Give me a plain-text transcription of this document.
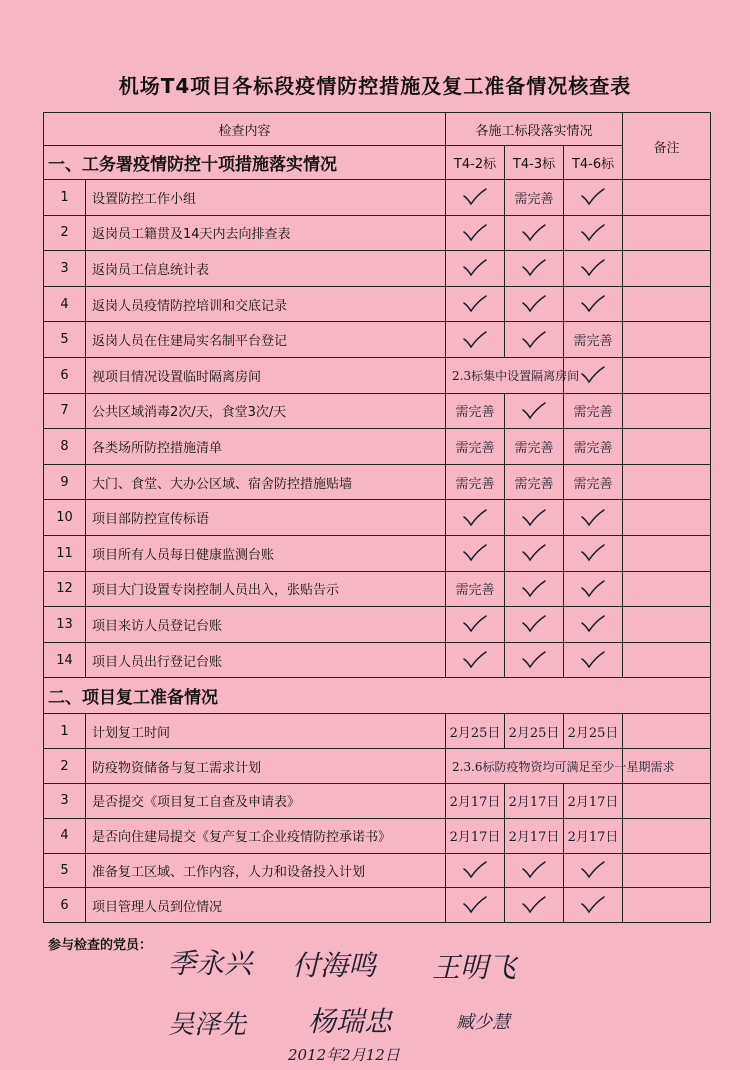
机场T4项目各标段疫情防控措施及复工准备情况核查表
检查内容		各施工标段落实情况			备注
一、工务署疫情防控十项措施落实情况		T4-2标	T4-3标	T4-6标	
1	设置防控工作小组		需完善	

2	返岗员工籍贯及14天内去向排查表	

3	返岗员工信息统计表	

4	返岗人员疫情防控培训和交底记录	

5	返岗人员在住建局实名制平台登记			需完善	
6	视项目情况设置临时隔离房间	2.3标集中设置隔离房间	

7	公共区域消毒2次/天，食堂3次/天	需完善		需完善	
8	各类场所防控措施清单	需完善	需完善	需完善	
9	大门、食堂、大办公区域、宿舍防控措施贴墙	需完善	需完善	需完善	
10	项目部防控宣传标语	

11	项目所有人员每日健康监测台账	

12	项目大门设置专岗控制人员出入，张贴告示	需完善	

13	项目来访人员登记台账	

14	项目人员出行登记台账	

二、项目复工准备情况					
1	计划复工时间	2月25日	2月25日	2月25日	
2	防疫物资储备与复工需求计划	2.3.6标防疫物资均可满足至少一星期需求			
3	是否提交《项目复工自查及申请表》	2月17日	2月17日	2月17日	
4	是否向住建局提交《复产复工企业疫情防控承诺书》	2月17日	2月17日	2月17日	
5	准备复工区域、工作内容，人力和设备投入计划	

6	项目管理人员到位情况	

参与检查的党员：
季永兴 付海鸣 王明飞
吴泽先 杨瑞忠	臧少慧
2012年2月12日
